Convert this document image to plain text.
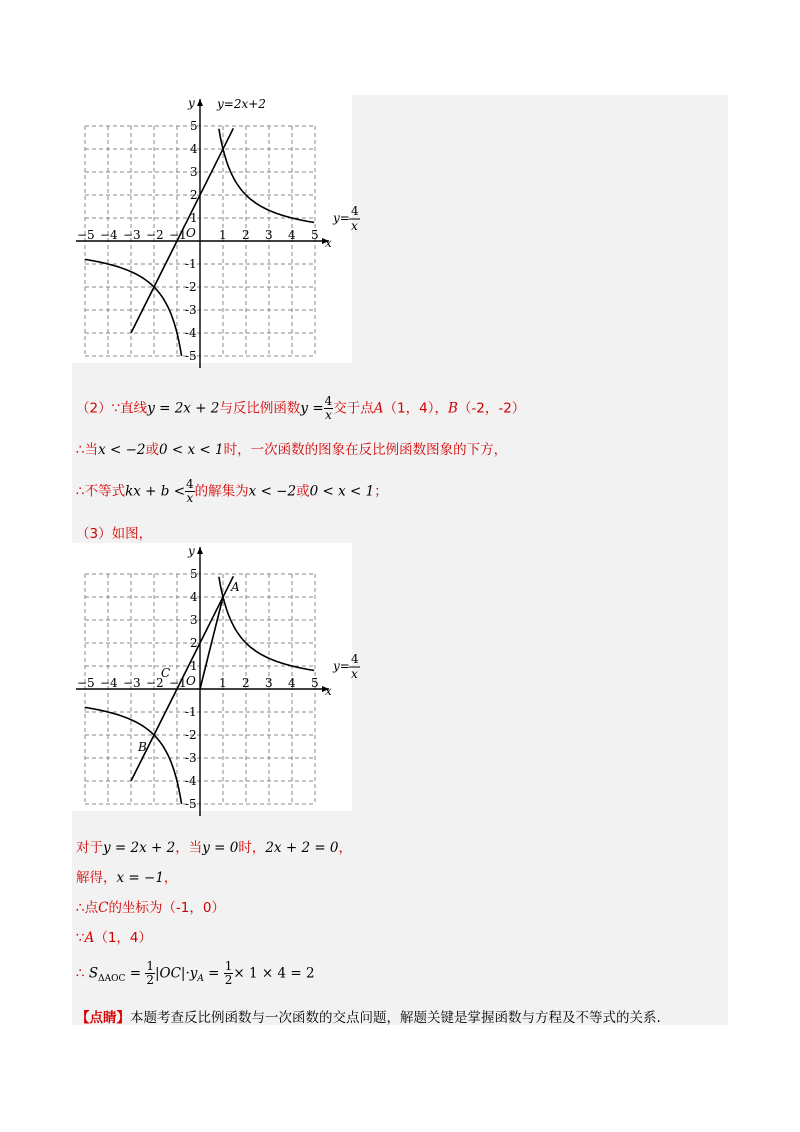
x
y
O
−5 −4 −3 −2 −1	1 2 3 4 5
5
4
3
2
1
-1
-2
-3
-4
-5
y= 4
x
y=2x+2
（2）∵直线y = 2x + 2与反比例函数$y = \frac{4}{x}$ 交于点A（1，4），B（-2，-2）
∴当x < −2或0 < x < 1时，一次函数的图象在反比例函数图象的下方，
∴不等式kx + $b < \frac{4}{x}$ 的解集为x < −2或0 < x < 1；
（3）如图，
x
y
O
−5 −4 −3 −2 −1	1 2 3 4 5
5
4
3
2
1
-1
-2
-3
-4
-5
y= 4
x
A
B
C
对于y = 2x + 2，当y = 0时，2x + 2 = 0，
解得，x = −1，
∴点C的坐标为（-1，0）
∵A（1，4）
∴ $S_{\Delta AOC} = \frac{1}{2} |OC|\cdot y_A = \frac{1}{2} \times 1 \times 4 = 2$
【点睛】本题考查反比例函数与一次函数的交点问题，解题关键是掌握函数与方程及不等式的关系.
